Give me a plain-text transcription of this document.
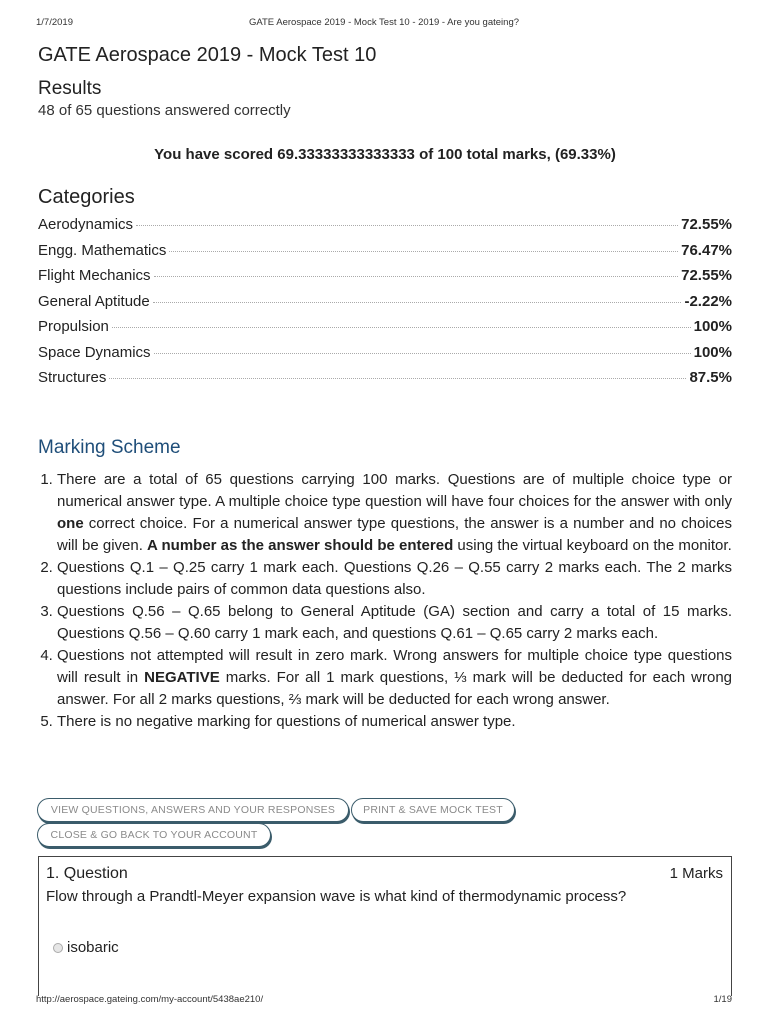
1/7/2019	GATE Aerospace 2019 - Mock Test 10 - 2019 - Are you gateing?
GATE Aerospace 2019 - Mock Test 10
Results

48 of 65 questions answered correctly

You have scored 69.33333333333333 of 100 total marks, (69.33%)
Categories
Aerodynamics	72.55%
Engg. Mathematics	76.47%
Flight Mechanics	72.55%
General Aptitude	-2.22%
Propulsion	100%
Space Dynamics	100%
Structures	87.5%
Marking Scheme
1. There are a total of 65 questions carrying 100 marks. Questions are of multiple choice type or numerical answer type. A multiple choice type question will have four choices for the answer with only one correct choice. For a numerical answer type questions, the answer is a number and no choices will be given. A number as the answer should be entered using the virtual keyboard on the monitor.
2. Questions Q.1 – Q.25 carry 1 mark each. Questions Q.26 – Q.55 carry 2 marks each. The 2 marks questions include pairs of common data questions also.
3. Questions Q.56 – Q.65 belong to General Aptitude (GA) section and carry a total of 15 marks. Questions Q.56 – Q.60 carry 1 mark each, and questions Q.61 – Q.65 carry 2 marks each.
4. Questions not attempted will result in zero mark. Wrong answers for multiple choice type questions will result in NEGATIVE marks. For all 1 mark questions, ⅓ mark will be deducted for each wrong answer. For all 2 marks questions, ⅔ mark will be deducted for each wrong answer.
5. There is no negative marking for questions of numerical answer type.
VIEW QUESTIONS, ANSWERS AND YOUR RESPONSES	PRINT & SAVE MOCK TEST
CLOSE & GO BACK TO YOUR ACCOUNT
1. Question	1 Marks
Flow through a Prandtl-Meyer expansion wave is what kind of thermodynamic process?
isobaric
http://aerospace.gateing.com/my-account/5438ae210/	1/19
